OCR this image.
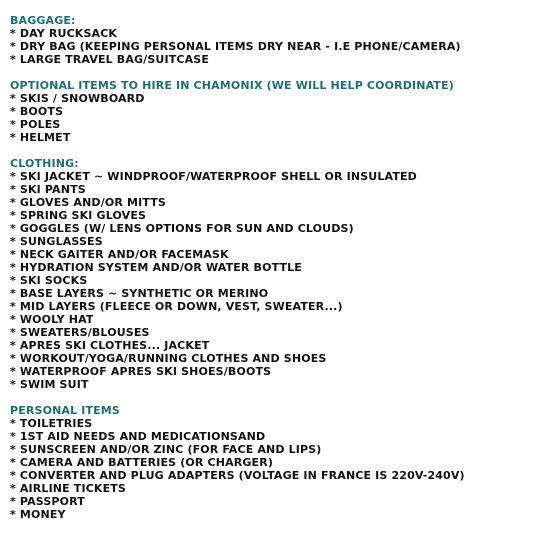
BAGGAGE:
* DAY RUCKSACK
* DRY BAG (KEEPING PERSONAL ITEMS DRY NEAR - I.E PHONE/CAMERA)
* LARGE TRAVEL BAG/SUITCASE
OPTIONAL ITEMS TO HIRE IN CHAMONIX (WE WILL HELP COORDINATE)
* SKIS / SNOWBOARD
* BOOTS
* POLES
* HELMET
CLOTHING:
* SKI JACKET ~ WINDPROOF/WATERPROOF SHELL OR INSULATED
* SKI PANTS
* GLOVES AND/OR MITTS
* SPRING SKI GLOVES
* GOGGLES (W/ LENS OPTIONS FOR SUN AND CLOUDS)
* SUNGLASSES
* NECK GAITER AND/OR FACEMASK
* HYDRATION SYSTEM AND/OR WATER BOTTLE
* SKI SOCKS
* BASE LAYERS ~ SYNTHETIC OR MERINO
* MID LAYERS (FLEECE OR DOWN, VEST, SWEATER...)
* WOOLY HAT
* SWEATERS/BLOUSES
* APRES SKI CLOTHES... JACKET
* WORKOUT/YOGA/RUNNING CLOTHES AND SHOES
* WATERPROOF APRES SKI SHOES/BOOTS
* SWIM SUIT
PERSONAL ITEMS
* TOILETRIES
* 1ST AID NEEDS AND MEDICATIONSAND
* SUNSCREEN AND/OR ZINC (FOR FACE AND LIPS)
* CAMERA AND BATTERIES (OR CHARGER)
* CONVERTER AND PLUG ADAPTERS (VOLTAGE IN FRANCE IS 220V-240V)
* AIRLINE TICKETS
* PASSPORT
* MONEY
